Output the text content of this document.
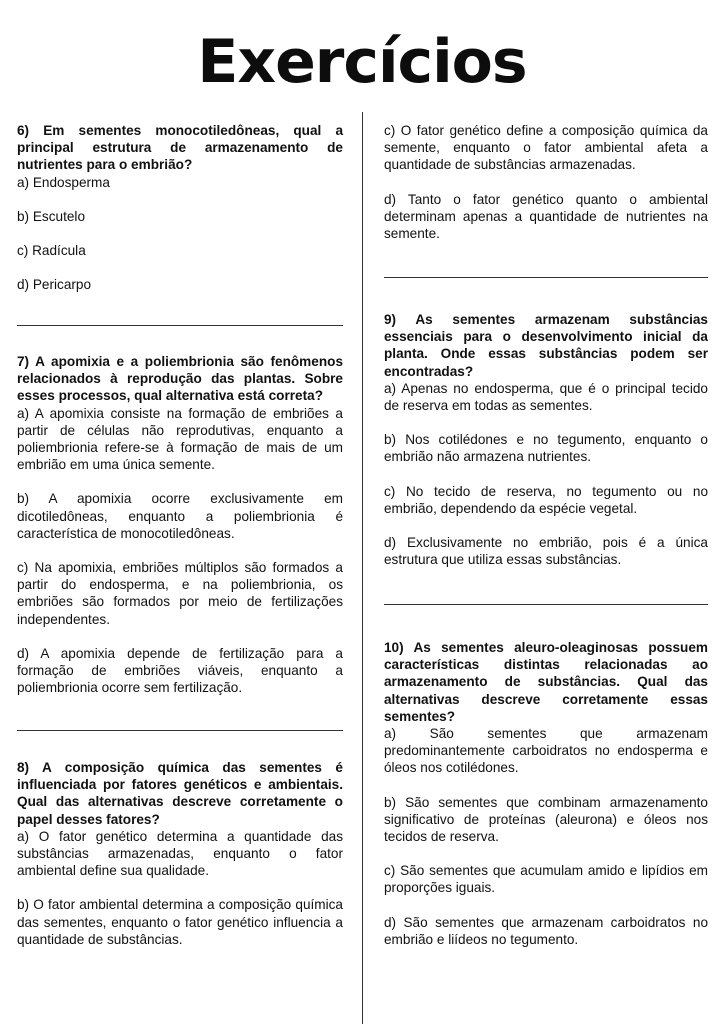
Exercícios

6) Em sementes monocotiledôneas, qual a principal estrutura de armazenamento de nutrientes para o embrião?

a) Endosperma

b) Escutelo

c) Radícula

d) Pericarpo

7) A apomixia e a poliembrionia são fenômenos relacionados à reprodução das plantas. Sobre esses processos, qual alternativa está correta?

a) A apomixia consiste na formação de embriões a partir de células não reprodutivas, enquanto a poliembrionia refere-se à formação de mais de um embrião em uma única semente.

b) A apomixia ocorre exclusivamente em dicotiledôneas, enquanto a poliembrionia é característica de monocotiledôneas.

c) Na apomixia, embriões múltiplos são formados a partir do endosperma, e na poliembrionia, os embriões são formados por meio de fertilizações independentes.

d) A apomixia depende de fertilização para a formação de embriões viáveis, enquanto a poliembrionia ocorre sem fertilização.

8) A composição química das sementes é influenciada por fatores genéticos e ambientais. Qual das alternativas descreve corretamente o papel desses fatores?

a) O fator genético determina a quantidade das substâncias armazenadas, enquanto o fator ambiental define sua qualidade.

b) O fator ambiental determina a composição química das sementes, enquanto o fator genético influencia a quantidade de substâncias.

c) O fator genético define a composição química da semente, enquanto o fator ambiental afeta a quantidade de substâncias armazenadas.

d) Tanto o fator genético quanto o ambiental determinam apenas a quantidade de nutrientes na semente.

9) As sementes armazenam substâncias essenciais para o desenvolvimento inicial da planta. Onde essas substâncias podem ser encontradas?

a) Apenas no endosperma, que é o principal tecido de reserva em todas as sementes.

b) Nos cotilédones e no tegumento, enquanto o embrião não armazena nutrientes.

c) No tecido de reserva, no tegumento ou no embrião, dependendo da espécie vegetal.

d) Exclusivamente no embrião, pois é a única estrutura que utiliza essas substâncias.

10) As sementes aleuro-oleaginosas possuem características distintas relacionadas ao armazenamento de substâncias. Qual das alternativas descreve corretamente essas sementes?

a) São sementes que armazenam predominantemente carboidratos no endosperma e óleos nos cotilédones.

b) São sementes que combinam armazenamento significativo de proteínas (aleurona) e óleos nos tecidos de reserva.

c) São sementes que acumulam amido e lipídios em proporções iguais.

d) São sementes que armazenam carboidratos no embrião e liídeos no tegumento.
